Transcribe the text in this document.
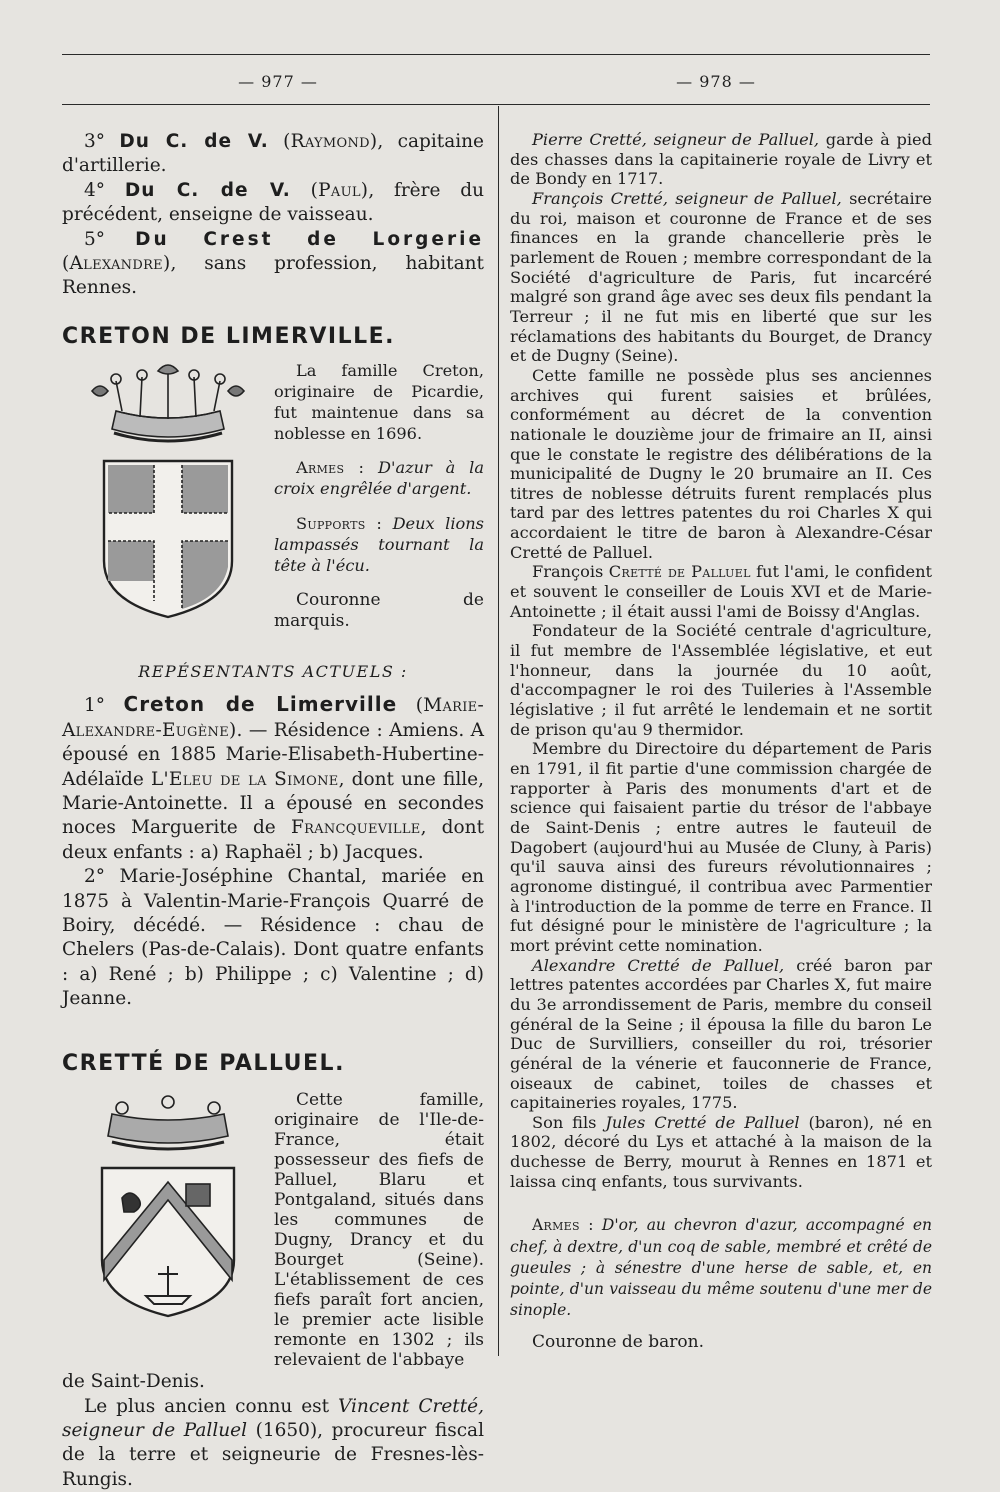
— 977 —	— 978 —

3° Du C. de V. (Raymond), capitaine d'artillerie.

4° Du C. de V. (Paul), frère du précédent, enseigne de vaisseau.

5° Du Crest de Lorgerie (Alexandre), sans profession, habitant Rennes.

CRETON DE LIMERVILLE.

La famille Creton, originaire de Picardie, fut maintenue dans sa noblesse en 1696.

Armes : D'azur à la croix engrêlée d'argent.

Supports : Deux lions lampassés tournant la tête à l'écu.

Couronne de marquis.

REPÉSENTANTS ACTUELS :

1° Creton de Limerville (Marie-Alexandre-Eugène). — Résidence : Amiens. A épousé en 1885 Marie-Elisabeth-Hubertine-Adélaïde L'Eleu de la Simone, dont une fille, Marie-Antoinette. Il a épousé en secondes noces Marguerite de Francqueville, dont deux enfants : a) Raphaël ; b) Jacques.

2° Marie-Joséphine Chantal, mariée en 1875 à Valentin-Marie-François Quarré de Boiry, décédé. — Résidence : chau de Chelers (Pas-de-Calais). Dont quatre enfants : a) René ; b) Philippe ; c) Valentine ; d) Jeanne.

CRETTÉ DE PALLUEL.
Cette famille, originaire de l'Ile-de-France, était possesseur des fiefs de Palluel, Blaru et Pontgaland, situés dans les communes de Dugny, Drancy et du Bourget (Seine). L'établissement de ces fiefs paraît fort ancien, le premier acte lisible remonte en 1302 ; ils relevaient de l'abbaye

de Saint-Denis.

Le plus ancien connu est Vincent Cretté, seigneur de Palluel (1650), procureur fiscal de la terre et seigneurie de Fresnes-lès-Rungis.

Pierre Cretté, seigneur de Palluel, garde à pied des chasses dans la capitainerie royale de Livry et de Bondy en 1717.

François Cretté, seigneur de Palluel, secrétaire du roi, maison et couronne de France et de ses finances en la grande chancellerie près le parlement de Rouen ; membre correspondant de la Société d'agriculture de Paris, fut incarcéré malgré son grand âge avec ses deux fils pendant la Terreur ; il ne fut mis en liberté que sur les réclamations des habitants du Bourget, de Drancy et de Dugny (Seine).

Cette famille ne possède plus ses anciennes archives qui furent saisies et brûlées, conformément au décret de la convention nationale le douzième jour de frimaire an II, ainsi que le constate le registre des délibérations de la municipalité de Dugny le 20 brumaire an II. Ces titres de noblesse détruits furent remplacés plus tard par des lettres patentes du roi Charles X qui accordaient le titre de baron à Alexandre-César Cretté de Palluel.

François Cretté de Palluel fut l'ami, le confident et souvent le conseiller de Louis XVI et de Marie-Antoinette ; il était aussi l'ami de Boissy d'Anglas.

Fondateur de la Société centrale d'agriculture, il fut membre de l'Assemblée législative, et eut l'honneur, dans la journée du 10 août, d'accompagner le roi des Tuileries à l'Assemble législative ; il fut arrêté le lendemain et ne sortit de prison qu'au 9 thermidor.

Membre du Directoire du département de Paris en 1791, il fit partie d'une commission chargée de rapporter à Paris des monuments d'art et de science qui faisaient partie du trésor de l'abbaye de Saint-Denis ; entre autres le fauteuil de Dagobert (aujourd'hui au Musée de Cluny, à Paris) qu'il sauva ainsi des fureurs révolutionnaires ; agronome distingué, il contribua avec Parmentier à l'introduction de la pomme de terre en France. Il fut désigné pour le ministère de l'agriculture ; la mort prévint cette nomination.

Alexandre Cretté de Palluel, créé baron par lettres patentes accordées par Charles X, fut maire du 3e arrondissement de Paris, membre du conseil général de la Seine ; il épousa la fille du baron Le Duc de Survilliers, conseiller du roi, trésorier général de la vénerie et fauconnerie de France, oiseaux de cabinet, toiles de chasses et capitaineries royales, 1775.

Son fils Jules Cretté de Palluel (baron), né en 1802, décoré du Lys et attaché à la maison de la duchesse de Berry, mourut à Rennes en 1871 et laissa cinq enfants, tous survivants.

Armes : D'or, au chevron d'azur, accompagné en chef, à dextre, d'un coq de sable, membré et crêté de gueules ; à sénestre d'une herse de sable, et, en pointe, d'un vaisseau du même soutenu d'une mer de sinople.

Couronne de baron.
